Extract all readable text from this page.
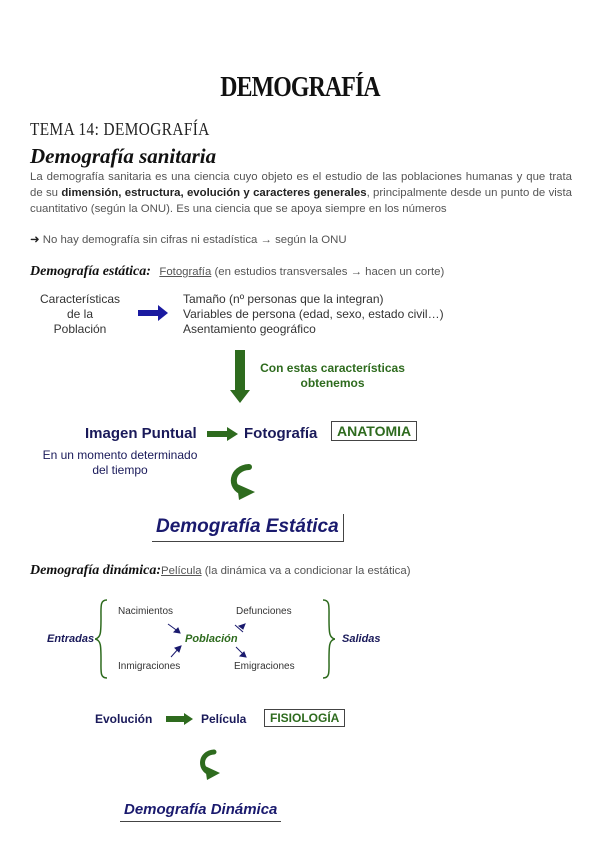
DEMOGRAFÍA
TEMA 14: DEMOGRAFÍA
Demografía sanitaria
La demografía sanitaria es una ciencia cuyo objeto es el estudio de las poblaciones humanas y que trata de su dimensión, estructura, evolución y caracteres generales, principalmente desde un punto de vista cuantitativo (según la ONU). Es una ciencia que se apoya siempre en los números
➜ No hay demografía sin cifras ni estadística → según la ONU
Demografía estática: Fotografía (en estudios transversales → hacen un corte)
Características
de la
Población
Tamaño (nº personas que la integran)
Variables de persona (edad, sexo, estado civil…)
Asentamiento geográfico
Con estas características
obtenemos
Imagen Puntual	Fotografía	ANATOMIA
En un momento determinado
del tiempo
Demografía Estática
Demografía dinámica:Película (la dinámica va a condicionar la estática)
Entradas	Salidas
Nacimientos	Defunciones
Población
Inmigraciones	Emigraciones
Evolución	Película	FISIOLOGÍA
Demografía Dinámica
